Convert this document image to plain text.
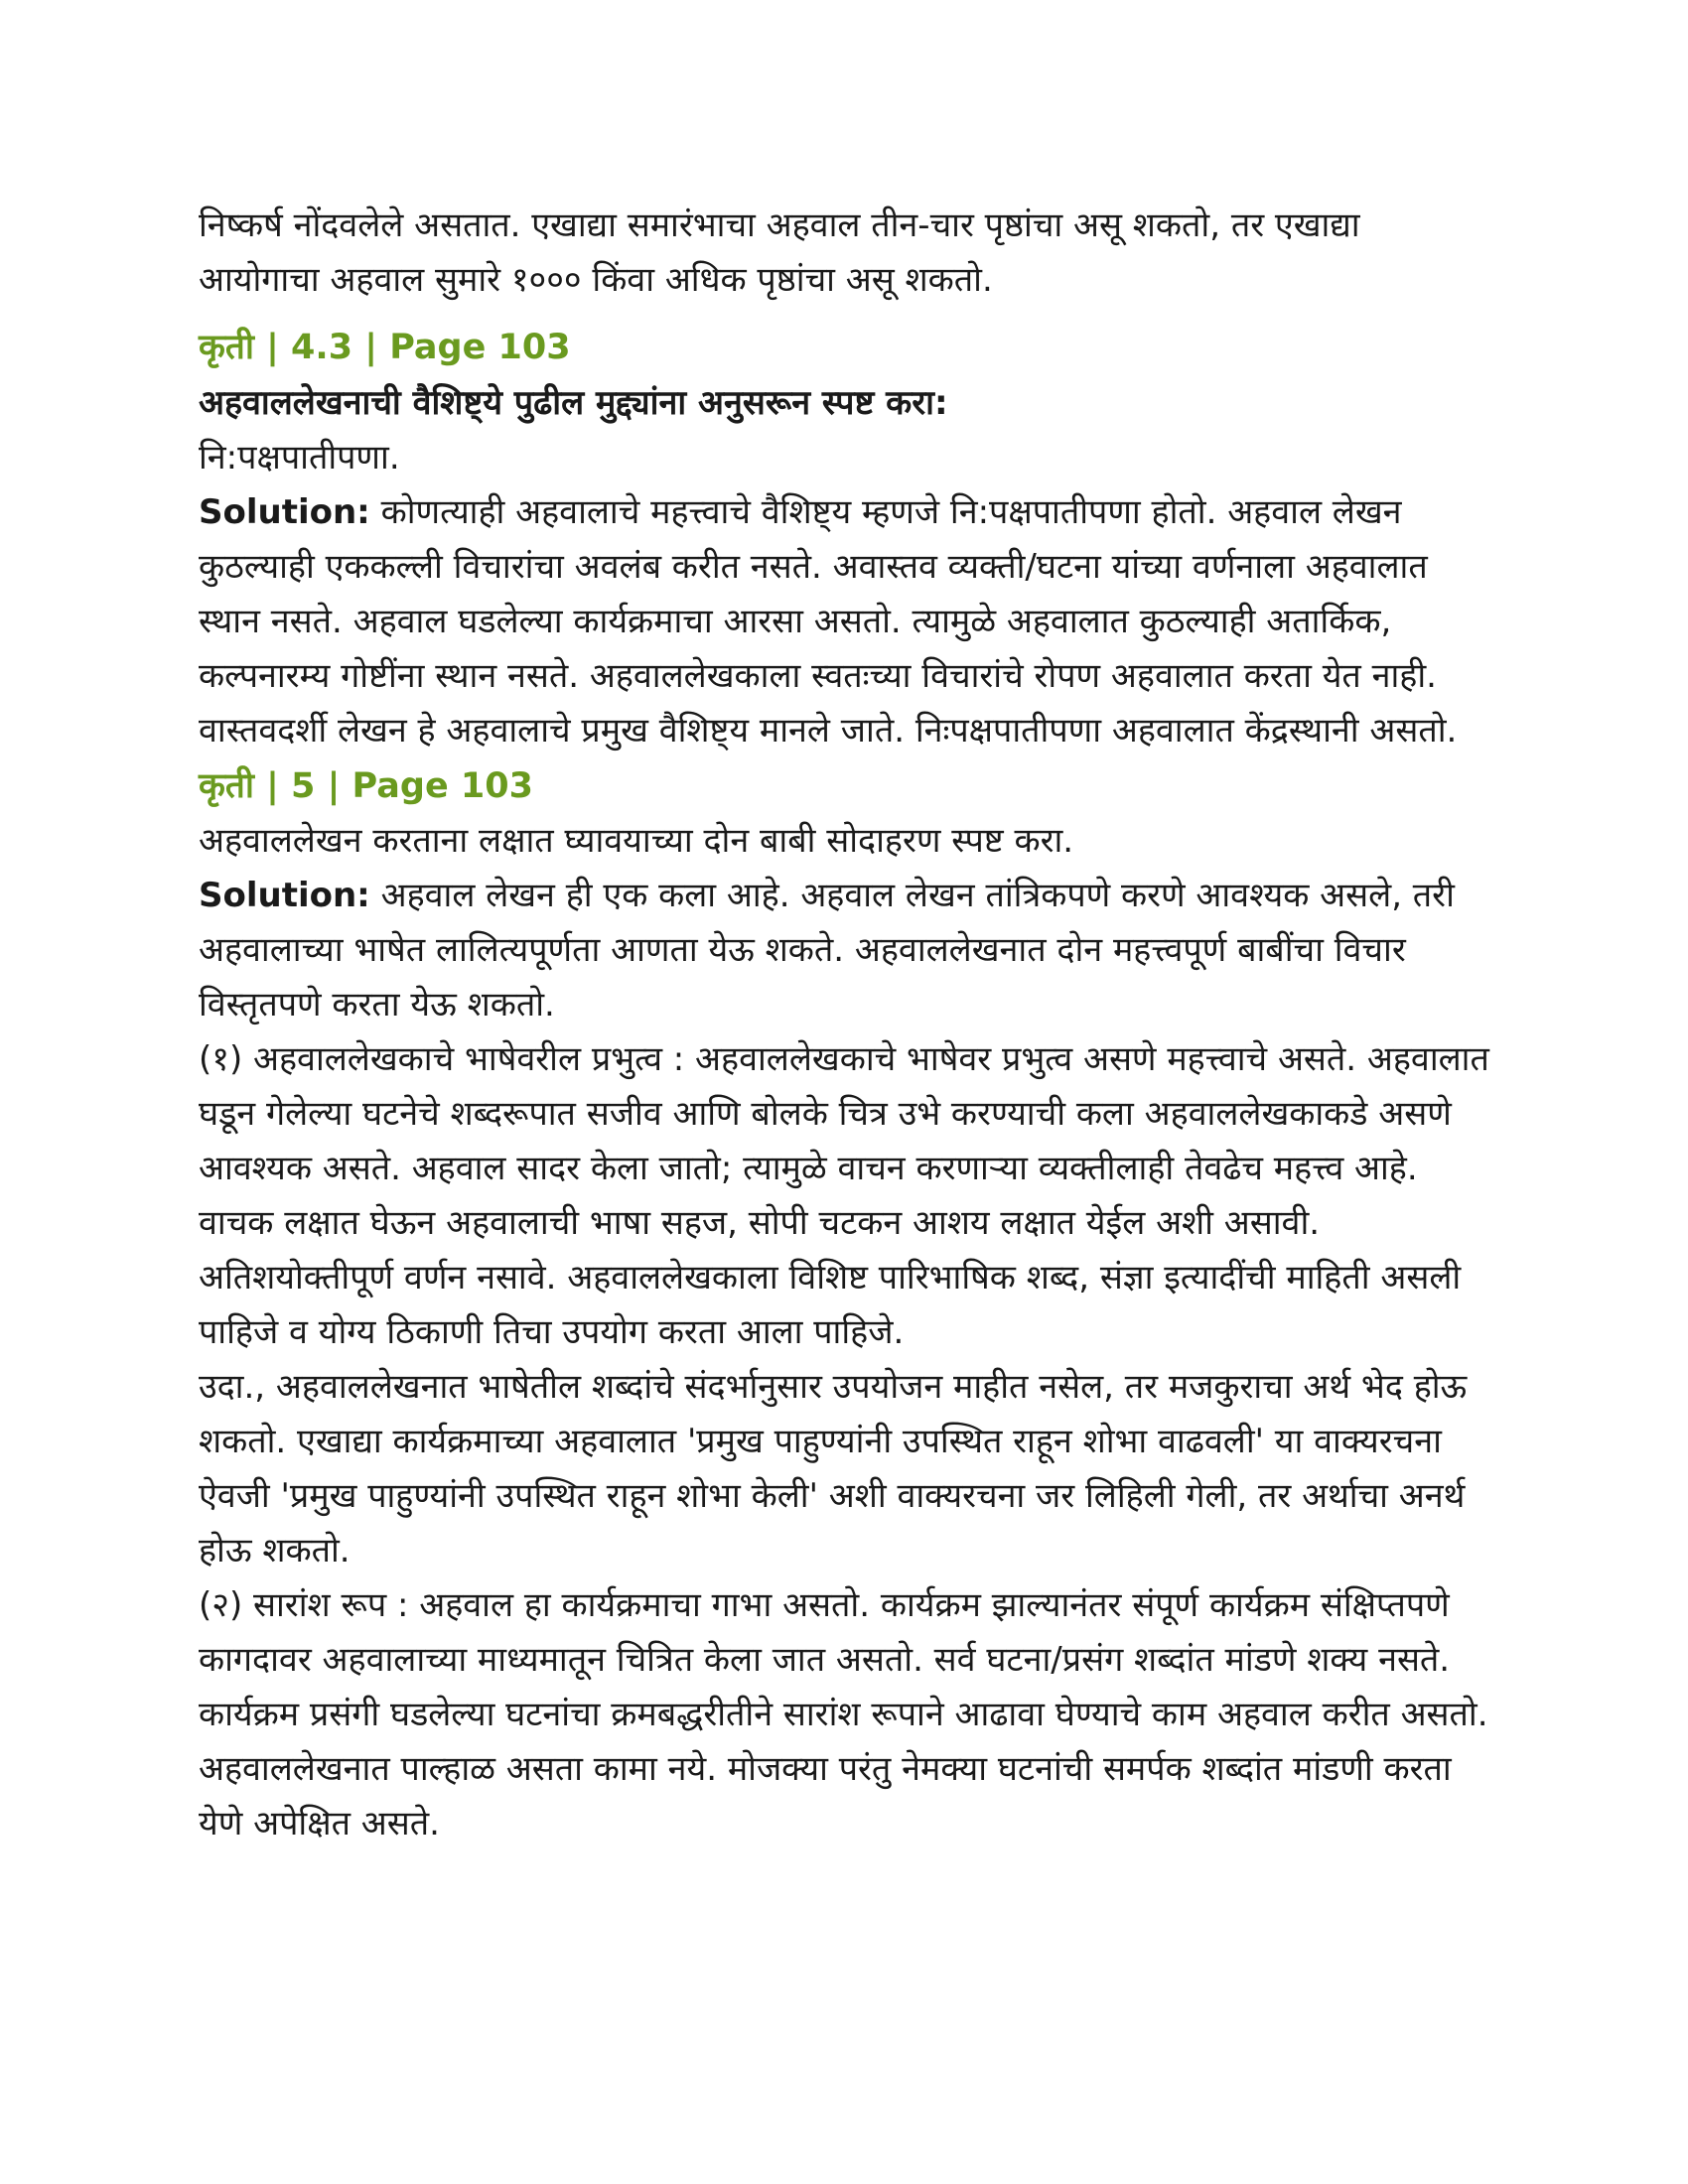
निष्कर्ष नोंदवलेले असतात. एखाद्या समारंभाचा अहवाल तीन-चार पृष्ठांचा असू शकतो, तर एखाद्या आयोगाचा अहवाल सुमारे १००० किंवा अधिक पृष्ठांचा असू शकतो.

कृती | 4.3 | Page 103

अहवाललेखनाची वैशिष्ट्ये पुढील मुद्द्यांना अनुसरून स्पष्ट करा:

नि:पक्षपातीपणा.

Solution: कोणत्याही अहवालाचे महत्त्वाचे वैशिष्ट्य म्हणजे नि:पक्षपातीपणा होतो. अहवाल लेखन कुठल्याही एककल्ली विचारांचा अवलंब करीत नसते. अवास्तव व्यक्ती/घटना यांच्या वर्णनाला अहवालात स्थान नसते. अहवाल घडलेल्या कार्यक्रमाचा आरसा असतो. त्यामुळे अहवालात कुठल्याही अतार्किक, कल्पनारम्य गोष्टींना स्थान नसते. अहवाललेखकाला स्वतःच्या विचारांचे रोपण अहवालात करता येत नाही. वास्तवदर्शी लेखन हे अहवालाचे प्रमुख वैशिष्ट्य मानले जाते. निःपक्षपातीपणा अहवालात केंद्रस्थानी असतो.

कृती | 5 | Page 103

अहवाललेखन करताना लक्षात घ्यावयाच्या दोन बाबी सोदाहरण स्पष्ट करा.

Solution: अहवाल लेखन ही एक कला आहे. अहवाल लेखन तांत्रिकपणे करणे आवश्यक असले, तरी अहवालाच्या भाषेत लालित्यपूर्णता आणता येऊ शकते. अहवाललेखनात दोन महत्त्वपूर्ण बाबींचा विचार विस्तृतपणे करता येऊ शकतो.

(१) अहवाललेखकाचे भाषेवरील प्रभुत्व : अहवाललेखकाचे भाषेवर प्रभुत्व असणे महत्त्वाचे असते. अहवालात घडून गेलेल्या घटनेचे शब्दरूपात सजीव आणि बोलके चित्र उभे करण्याची कला अहवाललेखकाकडे असणे आवश्यक असते. अहवाल सादर केला जातो; त्यामुळे वाचन करणाऱ्या व्यक्तीलाही तेवढेच महत्त्व आहे. वाचक लक्षात घेऊन अहवालाची भाषा सहज, सोपी चटकन आशय लक्षात येईल अशी असावी. अतिशयोक्तीपूर्ण वर्णन नसावे. अहवाललेखकाला विशिष्ट पारिभाषिक शब्द, संज्ञा इत्यादींची माहिती असली पाहिजे व योग्य ठिकाणी तिचा उपयोग करता आला पाहिजे.

उदा., अहवाललेखनात भाषेतील शब्दांचे संदर्भानुसार उपयोजन माहीत नसेल, तर मजकुराचा अर्थ भेद होऊ शकतो. एखाद्या कार्यक्रमाच्या अहवालात 'प्रमुख पाहुण्यांनी उपस्थित राहून शोभा वाढवली' या वाक्यरचना ऐवजी 'प्रमुख पाहुण्यांनी उपस्थित राहून शोभा केली' अशी वाक्यरचना जर लिहिली गेली, तर अर्थाचा अनर्थ होऊ शकतो.

(२) सारांश रूप : अहवाल हा कार्यक्रमाचा गाभा असतो. कार्यक्रम झाल्यानंतर संपूर्ण कार्यक्रम संक्षिप्तपणे कागदावर अहवालाच्या माध्यमातून चित्रित केला जात असतो. सर्व घटना/प्रसंग शब्दांत मांडणे शक्य नसते. कार्यक्रम प्रसंगी घडलेल्या घटनांचा क्रमबद्धरीतीने सारांश रूपाने आढावा घेण्याचे काम अहवाल करीत असतो. अहवाललेखनात पाल्हाळ असता कामा नये. मोजक्या परंतु नेमक्या घटनांची समर्पक शब्दांत मांडणी करता येणे अपेक्षित असते.
